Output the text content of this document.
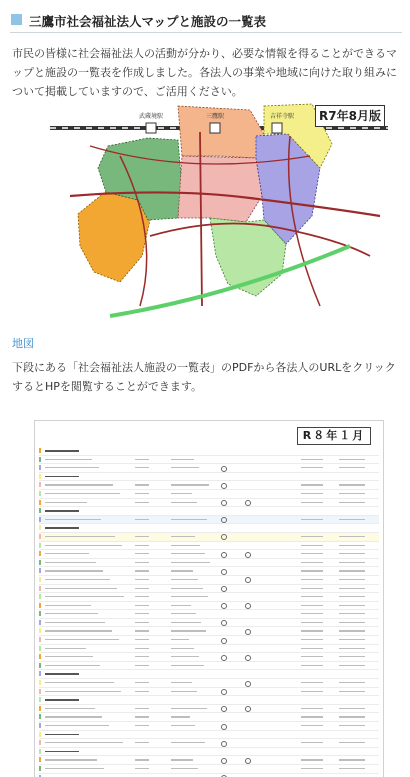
三鷹市社会福祉法人マップと施設の一覧表
市民の皆様に社会福祉法人の活動が分かり、必要な情報を得ることができるマップと施設の一覧表を作成しました。各法人の事業や地域に向けた取り組みについて掲載していますので、ご活用ください。
武蔵境駅	三鷹駅	吉祥寺駅	R7年8月版
地図
下段にある「社会福祉法人施設の一覧表」のPDFから各法人のURLをクリックするとHPを閲覧することができます。
R８年１月
